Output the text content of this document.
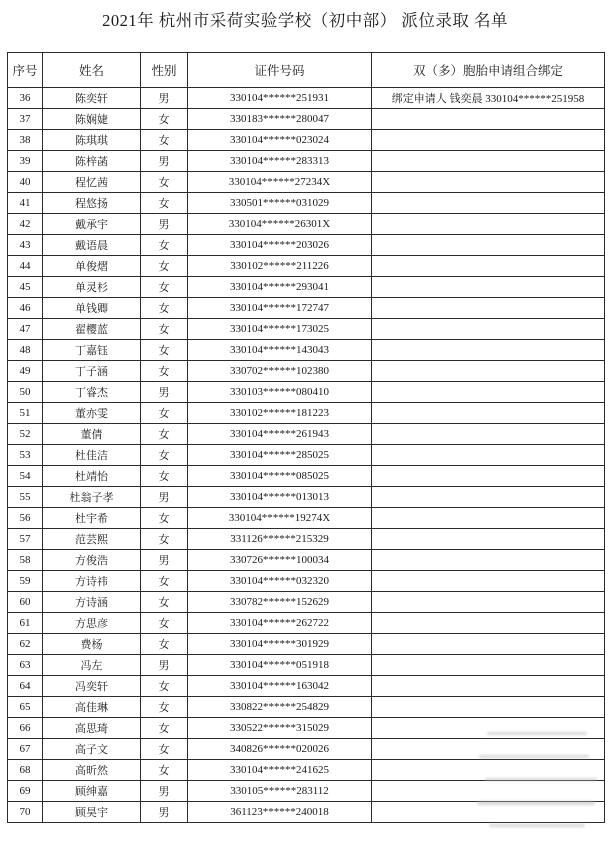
2021年 杭州市采荷实验学校（初中部） 派位录取 名单
序号	姓名	性别	证件号码	双（多）胞胎申请组合绑定
36	陈奕轩	男	330104******251931	绑定申请人 钱奕晨 330104******251958
37	陈娴婕	女	330183******280047	
38	陈琪琪	女	330104******023024	
39	陈梓菡	男	330104******283313	
40	程忆茜	女	330104******27234X	
41	程悠扬	女	330501******031029	
42	戴承宇	男	330104******26301X	
43	戴语晨	女	330104******203026	
44	单俊熠	女	330102******211226	
45	单灵杉	女	330104******293041	
46	单钱卿	女	330104******172747	
47	翟樱蓝	女	330104******173025	
48	丁嘉钰	女	330104******143043	
49	丁子涵	女	330702******102380	
50	丁睿杰	男	330103******080410	
51	董亦雯	女	330102******181223	
52	董倩	女	330104******261943	
53	杜佳洁	女	330104******285025	
54	杜靖怡	女	330104******085025	
55	杜翁子孝	男	330104******013013	
56	杜宇希	女	330104******19274X	
57	范芸熙	女	331126******215329	
58	方俊浩	男	330726******100034	
59	方诗祎	女	330104******032320	
60	方诗涵	女	330782******152629	
61	方思彦	女	330104******262722	
62	费杨	女	330104******301929	
63	冯左	男	330104******051918	
64	冯奕轩	女	330104******163042	
65	高佳琳	女	330822******254829	
66	高思琦	女	330522******315029	
67	高子文	女	340826******020026	
68	高昕然	女	330104******241625	
69	顾绅嘉	男	330105******283112	
70	顾昊宇	男	361123******240018	
